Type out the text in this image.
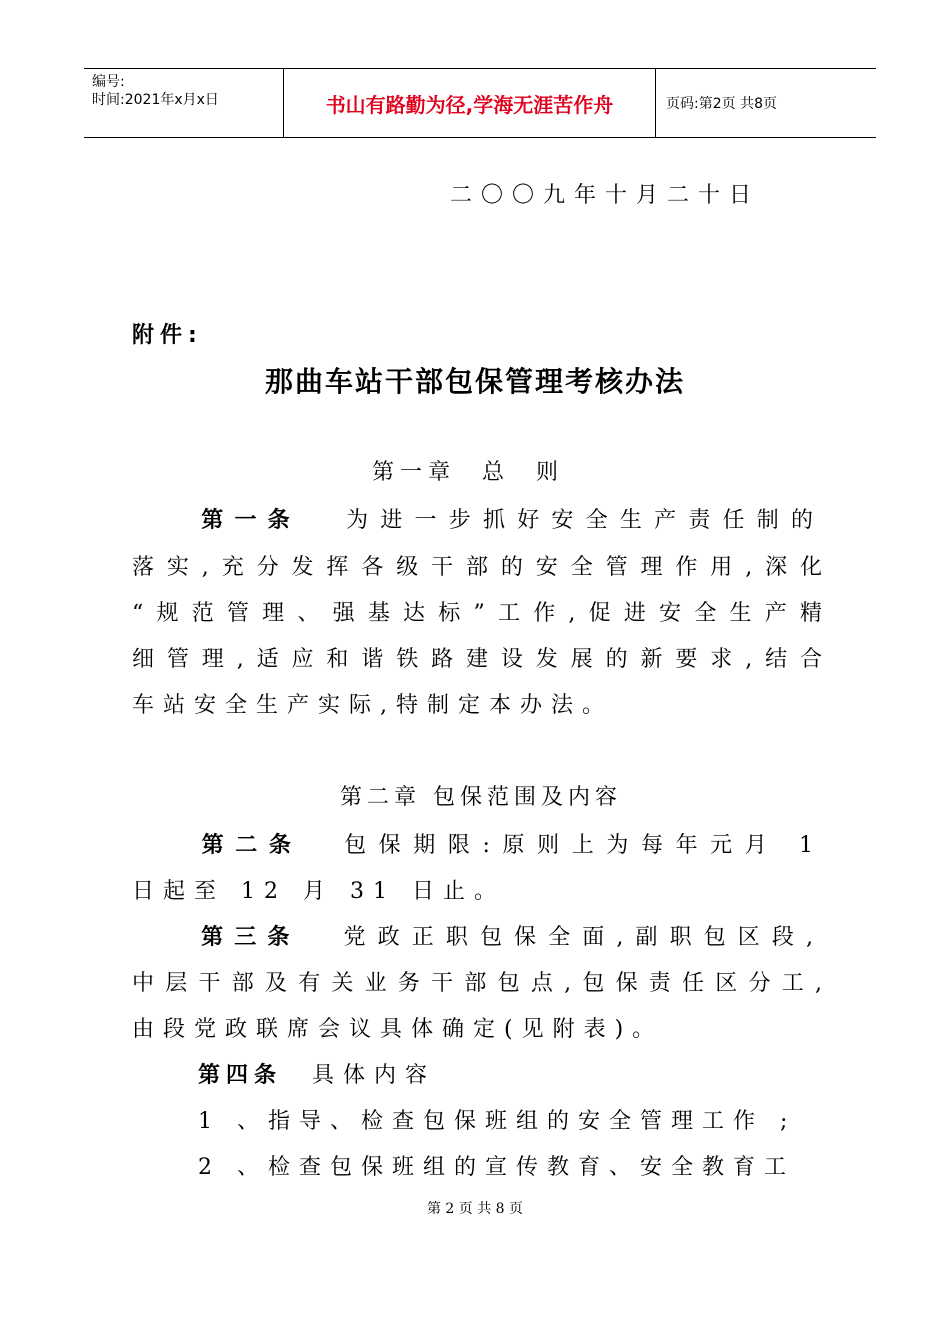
编号:
时间:2021年x月x日	书山有路勤为径,学海无涯苦作舟	页码:第2页 共8页
二〇〇九年十月二十日
附件:
那曲车站干部包保管理考核办法
第一章  总  则
第一条 为进一步抓好安全生产责任制的
落实,充分发挥各级干部的安全管理作用,深化
“规范管理、强基达标”工作,促进安全生产精
细管理,适应和谐铁路建设发展的新要求,结合
车站安全生产实际,特制定本办法。
第二章 包保范围及内容
第二条 包保期限:原则上为每年元月 1
日起至 12 月 31 日止。
第三条 党政正职包保全面,副职包区段,
中层干部及有关业务干部包点,包保责任区分工,
由段党政联席会议具体确定(见附表)。
第四条 具体内容
1 、指导、检查包保班组的安全管理工作 ;
2 、检查包保班组的宣传教育、安全教育工
第 2 页 共 8 页
